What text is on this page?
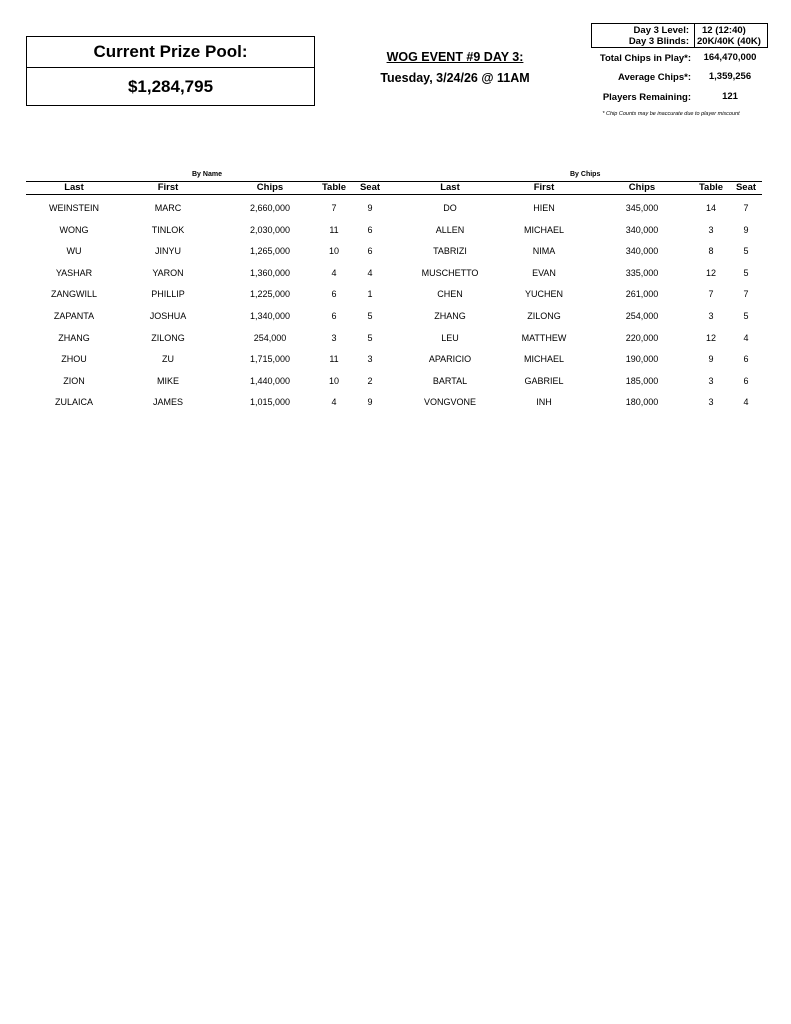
Current Prize Pool:
$1,284,795
WOG EVENT #9 DAY 3:
Tuesday, 3/24/26 @ 11AM
Day 3 Level: 12 (12:40)
Day 3 Blinds: 20K/40K (40K)
Total Chips in Play*:	164,470,000
Average Chips*:	1,359,256
Players Remaining:	121
* Chip Counts may be inaccurate due to player miscount
By Name	By Chips
Last	First	Chips	Table	Seat	Last	First	Chips	Table	Seat
WEINSTEIN	MARC	2,660,000	7	9	DO	HIEN	345,000	14	7
WONG	TINLOK	2,030,000	11	6	ALLEN	MICHAEL	340,000	3	9
WU	JINYU	1,265,000	10	6	TABRIZI	NIMA	340,000	8	5
YASHAR	YARON	1,360,000	4	4	MUSCHETTO	EVAN	335,000	12	5
ZANGWILL	PHILLIP	1,225,000	6	1	CHEN	YUCHEN	261,000	7	7
ZAPANTA	JOSHUA	1,340,000	6	5	ZHANG	ZILONG	254,000	3	5
ZHANG	ZILONG	254,000	3	5	LEU	MATTHEW	220,000	12	4
ZHOU	ZU	1,715,000	11	3	APARICIO	MICHAEL	190,000	9	6
ZION	MIKE	1,440,000	10	2	BARTAL	GABRIEL	185,000	3	6
ZULAICA	JAMES	1,015,000	4	9	VONGVONE	INH	180,000	3	4
